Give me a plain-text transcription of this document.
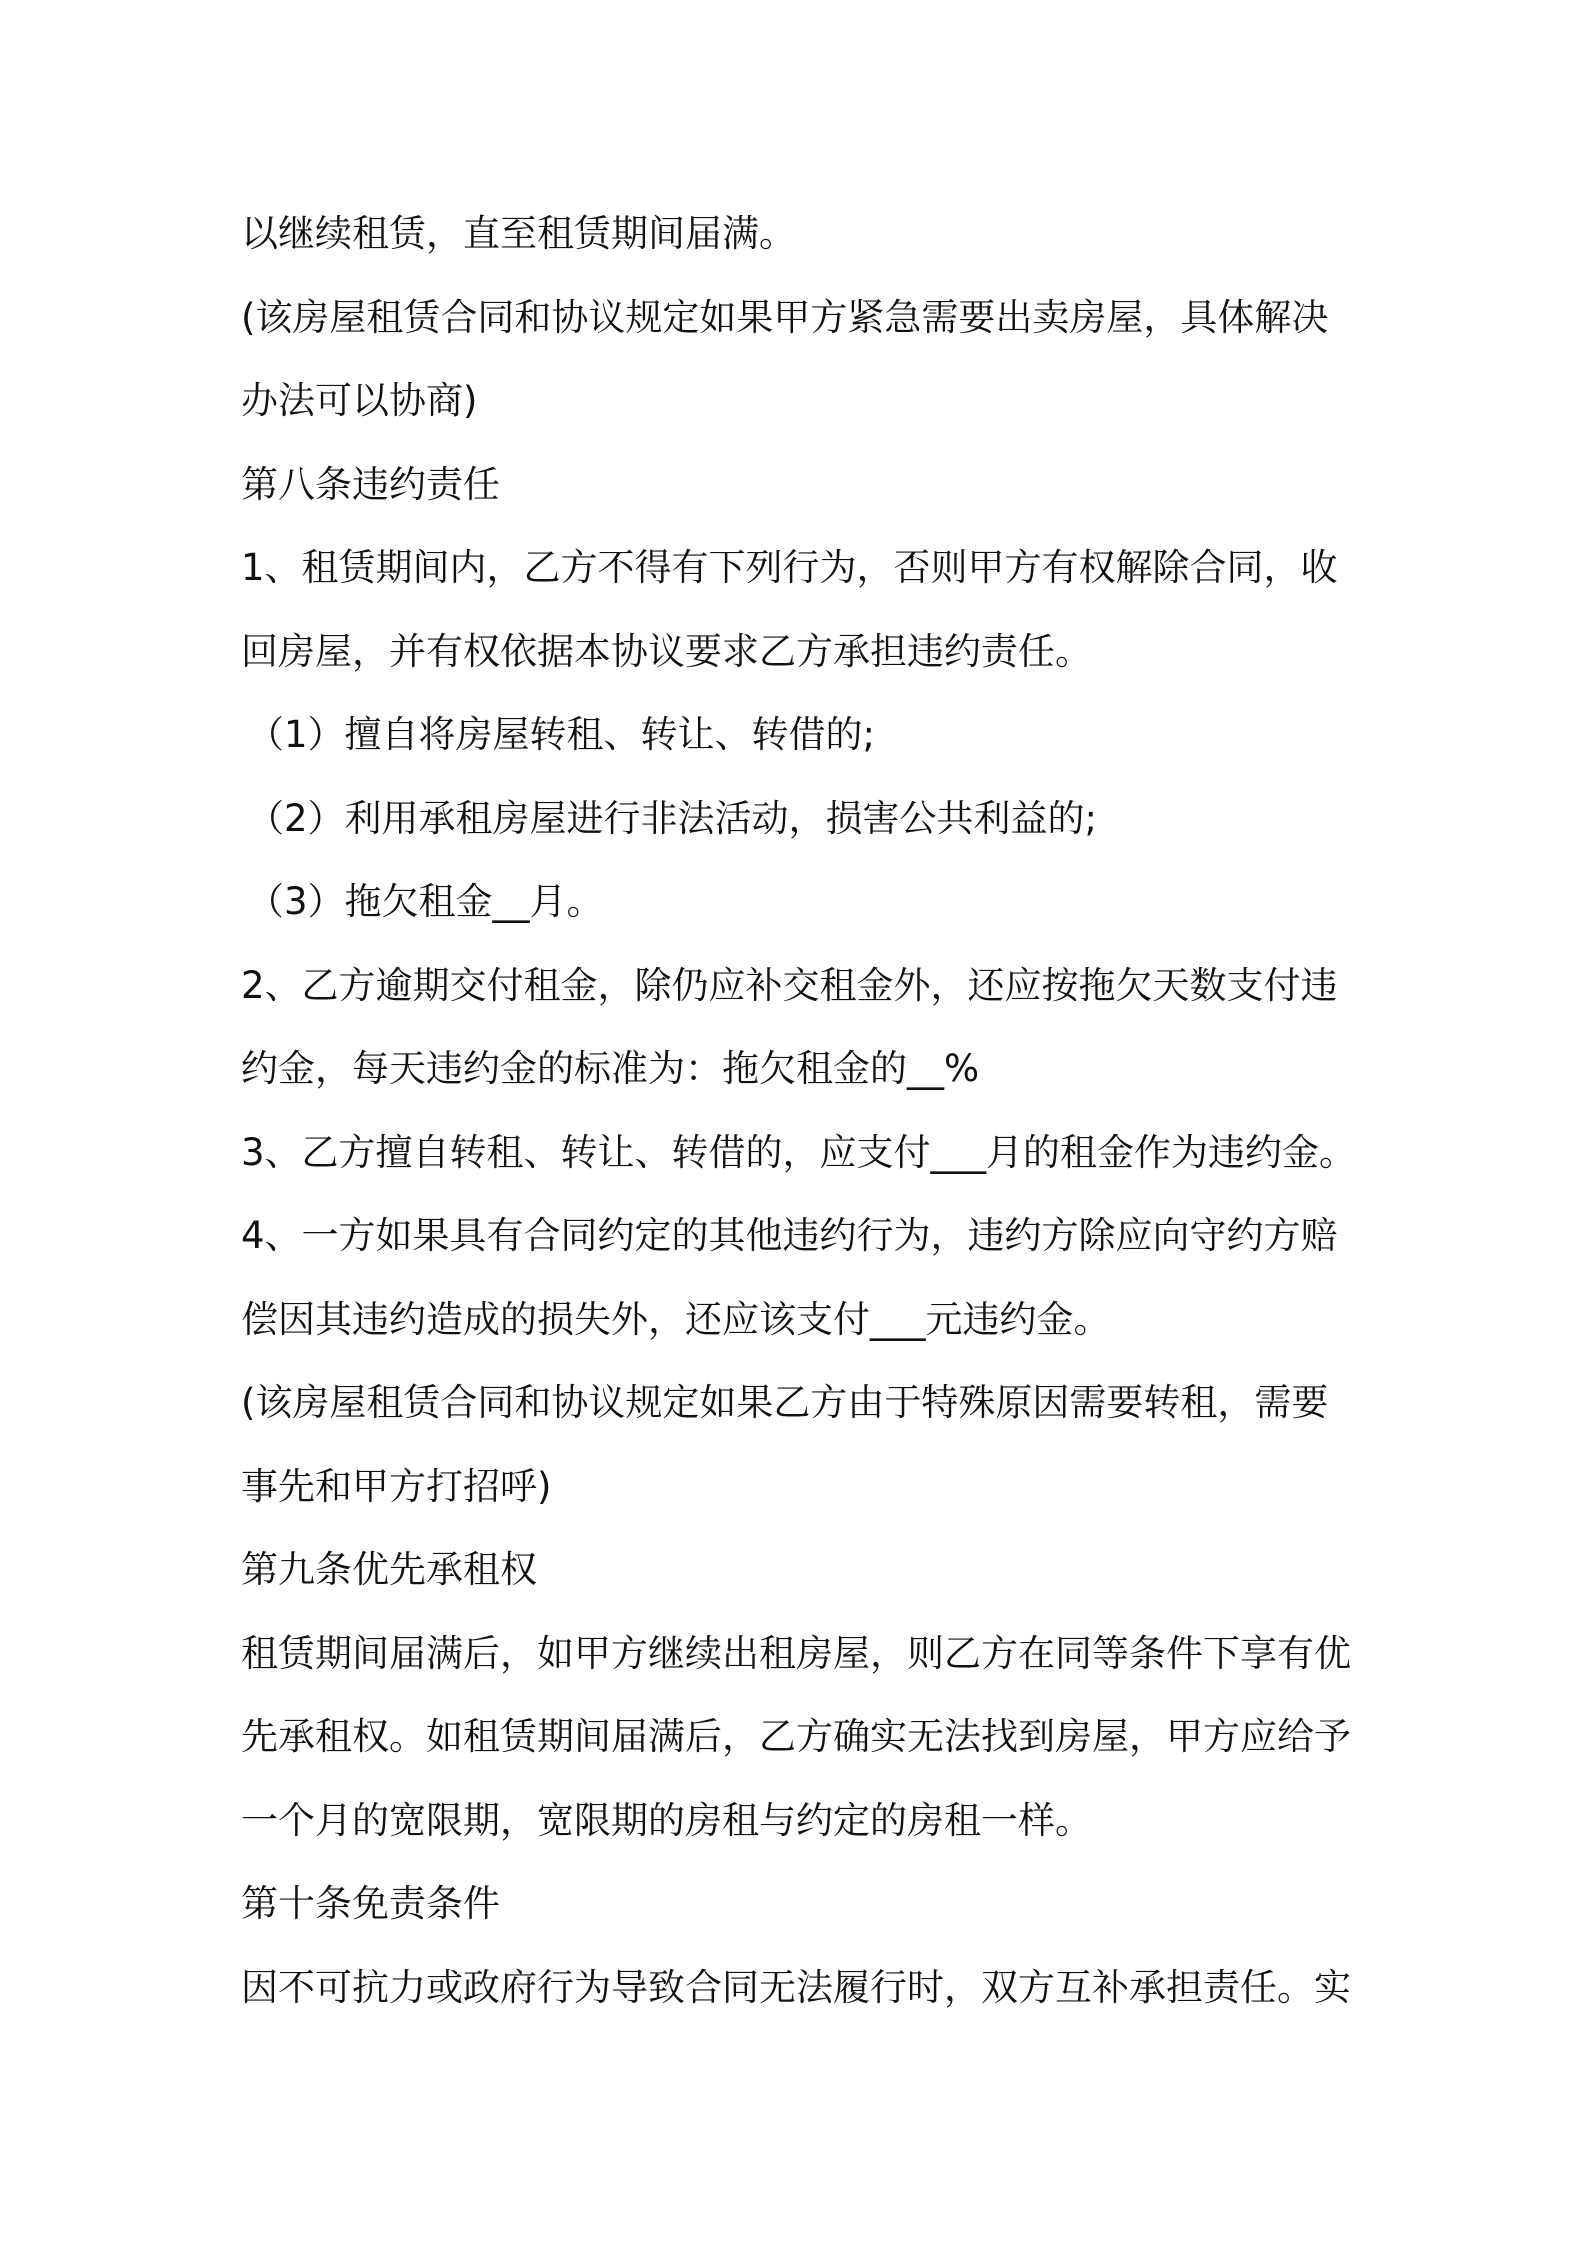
以继续租赁，直至租赁期间届满。
(该房屋租赁合同和协议规定如果甲方紧急需要出卖房屋，具体解决
办法可以协商)
第八条违约责任
1、租赁期间内，乙方不得有下列行为，否则甲方有权解除合同，收
回房屋，并有权依据本协议要求乙方承担违约责任。
（1）擅自将房屋转租、转让、转借的;
（2）利用承租房屋进行非法活动，损害公共利益的;
（3）拖欠租金__月。
2、乙方逾期交付租金，除仍应补交租金外，还应按拖欠天数支付违
约金，每天违约金的标准为：拖欠租金的__%
3、乙方擅自转租、转让、转借的，应支付___月的租金作为违约金。
4、一方如果具有合同约定的其他违约行为，违约方除应向守约方赔
偿因其违约造成的损失外，还应该支付___元违约金。
(该房屋租赁合同和协议规定如果乙方由于特殊原因需要转租，需要
事先和甲方打招呼)
第九条优先承租权
租赁期间届满后，如甲方继续出租房屋，则乙方在同等条件下享有优
先承租权。如租赁期间届满后，乙方确实无法找到房屋，甲方应给予
一个月的宽限期，宽限期的房租与约定的房租一样。
第十条免责条件
因不可抗力或政府行为导致合同无法履行时，双方互补承担责任。实
